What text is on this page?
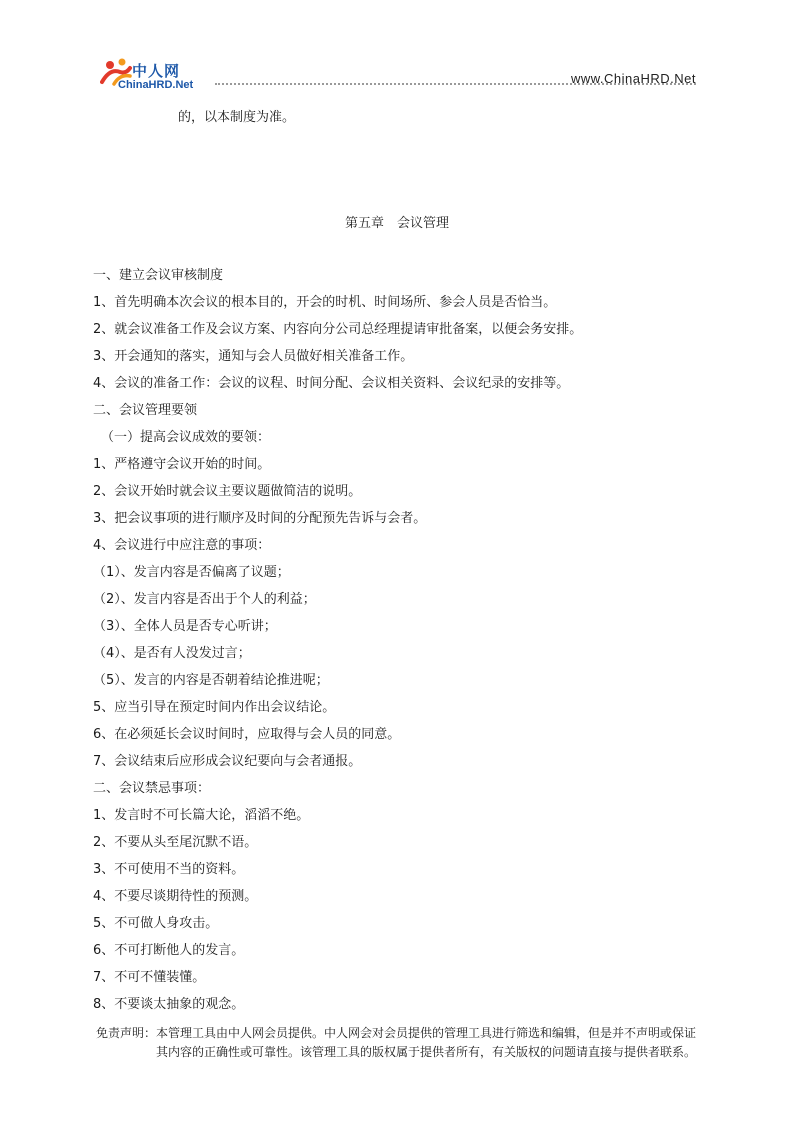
中人网
ChinaHRD.Net	www.ChinaHRD.Net
的，以本制度为准。
第五章　会议管理
一、建立会议审核制度
1、首先明确本次会议的根本目的，开会的时机、时间场所、参会人员是否恰当。
2、就会议准备工作及会议方案、内容向分公司总经理提请审批备案，以便会务安排。
3、开会通知的落实，通知与会人员做好相关准备工作。
4、会议的准备工作：会议的议程、时间分配、会议相关资料、会议纪录的安排等。
二、会议管理要领
（一）提高会议成效的要领：
1、严格遵守会议开始的时间。
2、会议开始时就会议主要议题做简洁的说明。
3、把会议事项的进行顺序及时间的分配预先告诉与会者。
4、会议进行中应注意的事项：
（1）、发言内容是否偏离了议题；
（2）、发言内容是否出于个人的利益；
（3）、全体人员是否专心听讲；
（4）、是否有人没发过言；
（5）、发言的内容是否朝着结论推进呢；
5、应当引导在预定时间内作出会议结论。
6、在必须延长会议时间时，应取得与会人员的同意。
7、会议结束后应形成会议纪要向与会者通报。
二、会议禁忌事项：
1、发言时不可长篇大论，滔滔不绝。
2、不要从头至尾沉默不语。
3、不可使用不当的资料。
4、不要尽谈期待性的预测。
5、不可做人身攻击。
6、不可打断他人的发言。
7、不可不懂装懂。
8、不要谈太抽象的观念。
免责声明：本管理工具由中人网会员提供。中人网会对会员提供的管理工具进行筛选和编辑，但是并不声明或保证
其内容的正确性或可靠性。该管理工具的版权属于提供者所有，有关版权的问题请直接与提供者联系。
